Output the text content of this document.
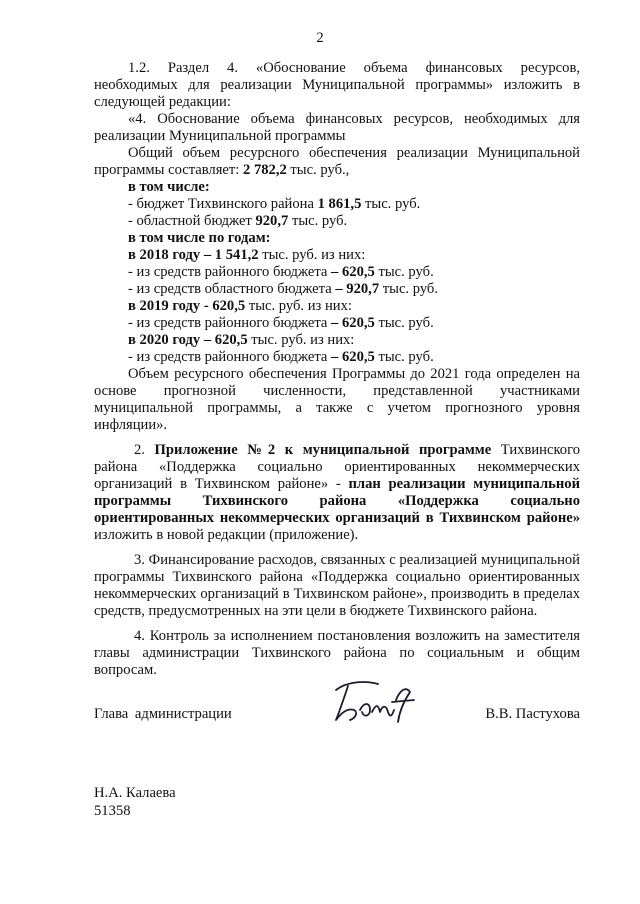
2

1.2. Раздел 4. «Обоснование объема финансовых ресурсов, необходимых для реализации Муниципальной программы» изложить в следующей редакции:

«4. Обоснование объема финансовых ресурсов, необходимых для реализации Муниципальной программы

Общий объем ресурсного обеспечения реализации Муниципальной программы составляет: 2 782,2 тыс. руб.,

в том числе:

- бюджет Тихвинского района 1 861,5 тыс. руб.

- областной бюджет 920,7 тыс. руб.

в том числе по годам:

в 2018 году – 1 541,2 тыс. руб. из них:

- из средств районного бюджета – 620,5 тыс. руб.

- из средств областного бюджета – 920,7 тыс. руб.

в 2019 году - 620,5 тыс. руб. из них:

- из средств районного бюджета – 620,5 тыс. руб.

в 2020 году – 620,5 тыс. руб. из них:

- из средств районного бюджета – 620,5 тыс. руб.

Объем ресурсного обеспечения Программы до 2021 года определен на основе прогнозной численности, представленной участниками муниципальной программы, а также с учетом прогнозного уровня инфляции».

2. Приложение №2 к муниципальной программе Тихвинского района «Поддержка социально ориентированных некоммерческих организаций в Тихвинском районе» - план реализации муниципальной программы Тихвинского района «Поддержка социально ориентированных некоммерческих организаций в Тихвинском районе» изложить в новой редакции (приложение).

3. Финансирование расходов, связанных с реализацией муниципальной программы Тихвинского района «Поддержка социально ориентированных некоммерческих организаций в Тихвинском районе», производить в пределах средств, предусмотренных на эти цели в бюджете Тихвинского района.

4. Контроль за исполнением постановления возложить на заместителя главы администрации Тихвинского района по социальным и общим вопросам.

Глава администрации	В.В. Пастухова

Н.А. Калаева

51358
